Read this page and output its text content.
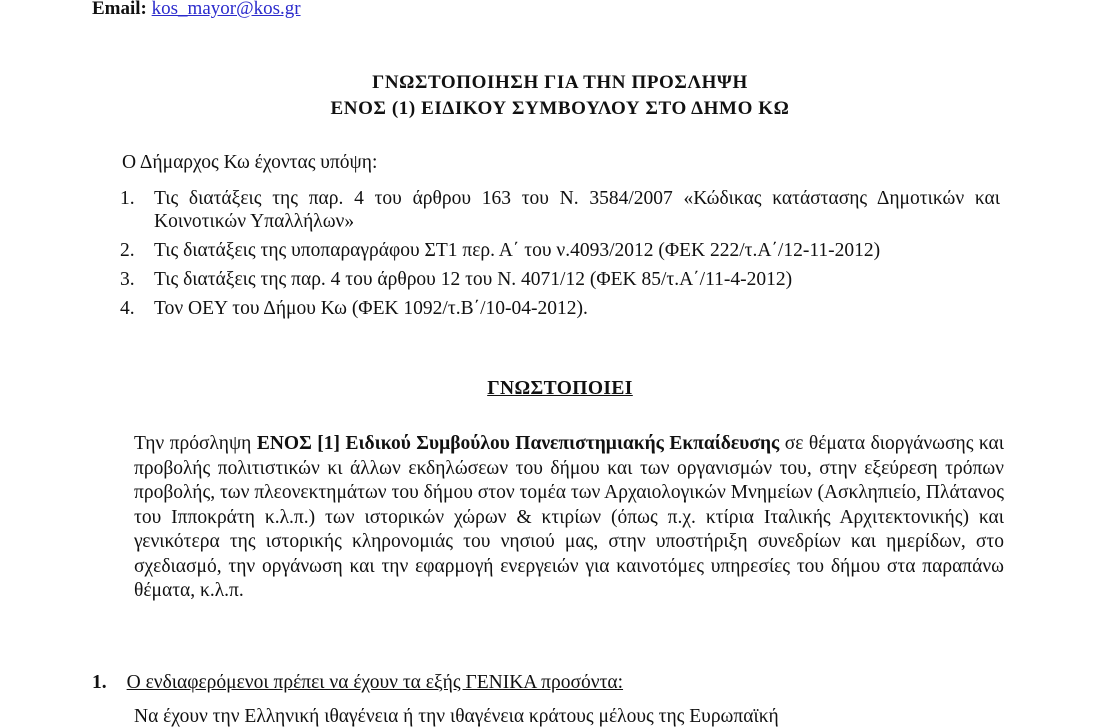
Email: kos_mayor@kos.gr
ΓΝΩΣΤΟΠΟΙΗΣΗ ΓΙΑ ΤΗΝ ΠΡΟΣΛΗΨΗ
ΕΝΟΣ (1) ΕΙΔΙΚΟΥ ΣΥΜΒΟΥΛΟΥ ΣΤΟ ΔΗΜΟ ΚΩ
Ο Δήμαρχος Κω έχοντας υπόψη:
1. Τις διατάξεις της παρ. 4 του άρθρου 163 του Ν. 3584/2007 «Κώδικας κατάστασης Δημοτικών και Κοινοτικών Υπαλλήλων»
2. Τις διατάξεις της υποπαραγράφου ΣΤ1 περ. Α΄ του ν.4093/2012 (ΦΕΚ 222/τ.Α΄/12-11-2012)
3. Τις διατάξεις της παρ. 4 του άρθρου 12 του Ν. 4071/12 (ΦΕΚ 85/τ.Α΄/11-4-2012)
4. Τον ΟΕΥ του Δήμου Κω (ΦΕΚ 1092/τ.Β΄/10-04-2012).
ΓΝΩΣΤΟΠΟΙΕΙ
Την πρόσληψη ΕΝΟΣ [1] Ειδικού Συμβούλου Πανεπιστημιακής Εκπαίδευσης σε θέματα διοργάνωσης και προβολής πολιτιστικών κι άλλων εκδηλώσεων του δήμου και των οργανισμών του, στην εξεύρεση τρόπων προβολής, των πλεονεκτημάτων του δήμου στον τομέα των Αρχαιολογικών Μνημείων (Ασκληπιείο, Πλάτανος του Ιπποκράτη κ.λ.π.) των ιστορικών χώρων & κτιρίων (όπως π.χ. κτίρια Ιταλικής Αρχιτεκτονικής) και γενικότερα της ιστορικής κληρονομιάς του νησιού μας, στην υποστήριξη συνεδρίων και ημερίδων, στο σχεδιασμό, την οργάνωση και την εφαρμογή ενεργειών για καινοτόμες υπηρεσίες του δήμου στα παραπάνω θέματα, κ.λ.π.
1. Ο ενδιαφερόμενοι πρέπει να έχουν τα εξής ΓΕΝΙΚΑ προσόντα:
Να έχουν την Ελληνική ιθαγένεια ή την ιθαγένεια κράτους μέλους της Ευρωπαϊκή
